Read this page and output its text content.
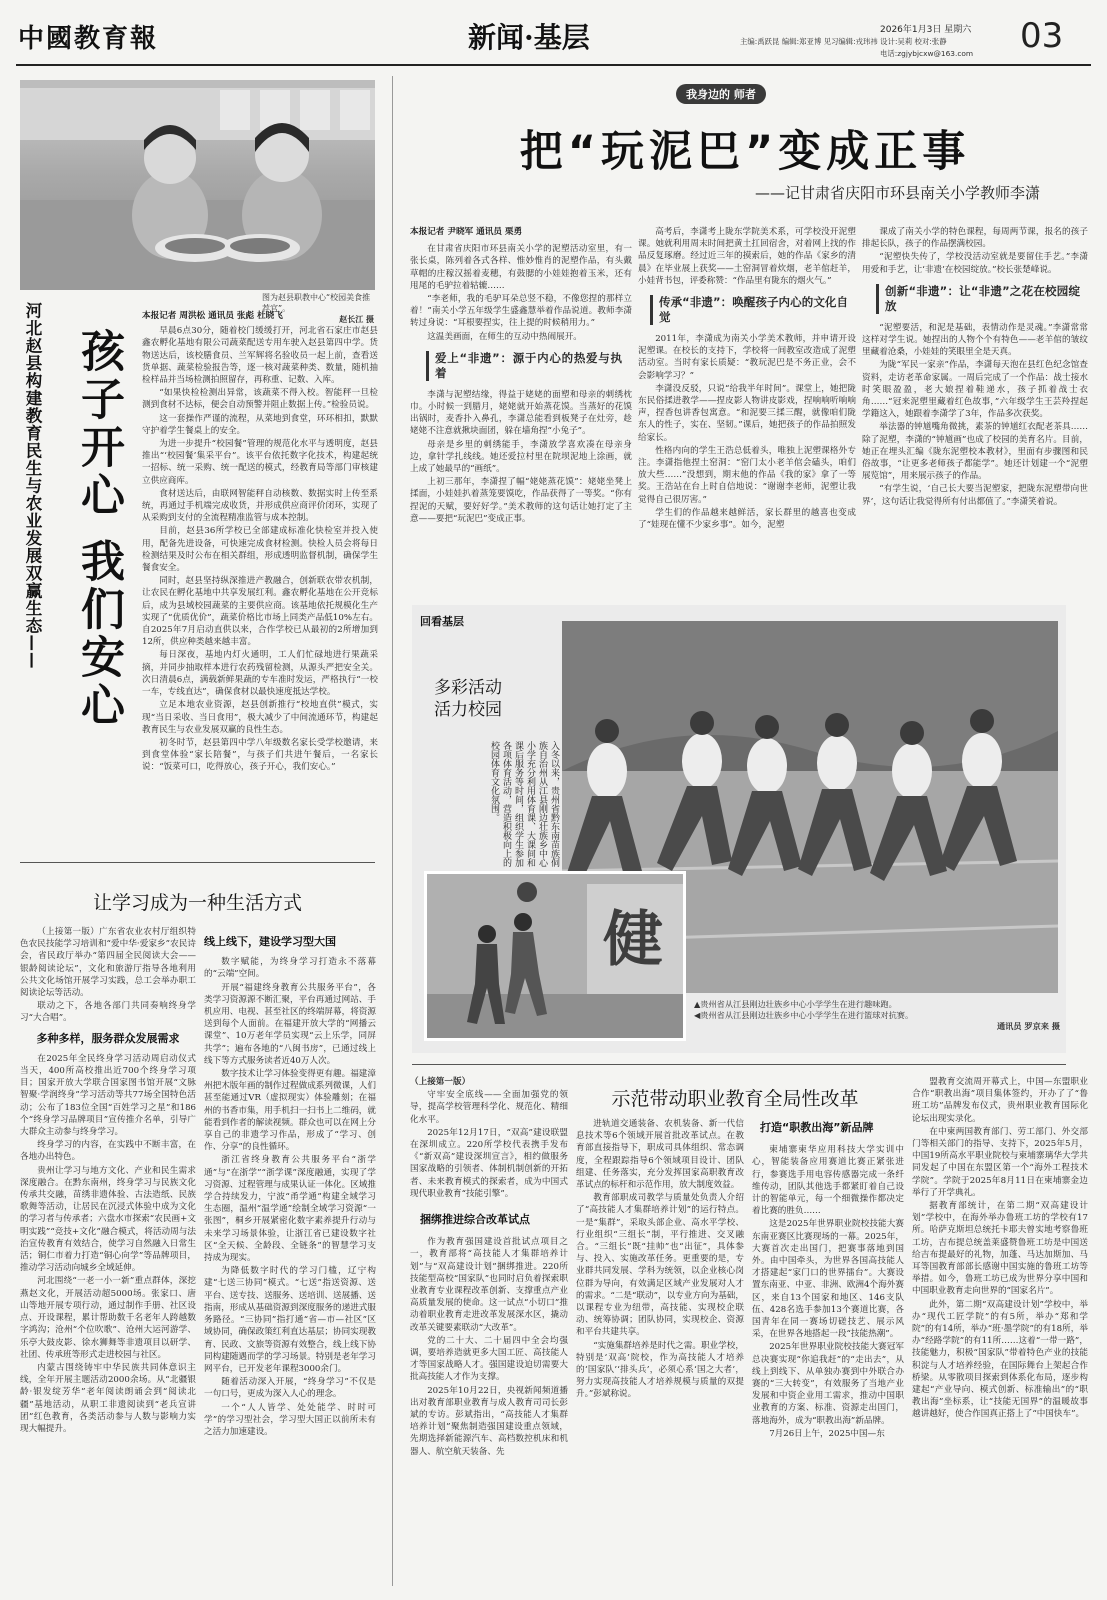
中國教育報	新闻·基层	2026年1月3日 星期六
主编:禹跃昆 编辑:郑亚博 见习编辑:戎玮祎 设计:吴莉 校对:张静
电话:zgjybjcxw@163.com 03
图为赵县职教中心“校园美食推荐官”。

赵长江 摄
河北赵县构建教育民生与农业发展双赢生态—— 孩子开心
我们安心
本报记者 周洪松 通讯员 张彪 杜晓飞

早晨6点30分，随着校门缓缓打开，河北省石家庄市赵县鑫农孵化基地有限公司蔬菜配送专用车驶入赵县第四中学。货物送达后，该校膳食员、兰军辉将名验收员一起上前，查看送货单据、蔬菜检验报告等，逐一核对蔬菜种类、数量，随机抽检样品并当场检测拍照留存，再称重、记数、入库。

“如果快检检测出异常，该蔬菜不得入校。智能秤一旦检测到食材不达标，便会自动预警并阻止数据上传。”检验员说。

这一套操作严谨的流程，从菜地到食堂，环环相扣，默默守护着学生餐桌上的安全。

为进一步提升“校园餐”管理的规范化水平与透明度，赵县推出“‘校园餐’集采平台”。该平台依托数字化技术，构建起统一招标、统一采购、统一配送的模式，经教育局等部门审核建立供应商库。

食材送达后，由联网智能秤自动核数、数据实时上传至系统，再通过手机端完成收货，并形成供应商评价闭环，实现了从采购到支付的全流程精准监管与成本控制。

目前，赵县36所学校已全部建成标准化快检室并投入使用，配备先进设备，可快速完成食材检测。快检人员会将每日检测结果及时公布在相关群组，形成透明监督机制，确保学生餐食安全。

同时，赵县坚持纵深推进产教融合，创新联农带农机制，让农民在孵化基地中共享发展红利。鑫农孵化基地在公开竞标后，成为县域校园蔬菜的主要供应商。该基地依托规模化生产实现了“优质优价”，蔬菜价格比市场上同类产品低10%左右。自2025年7月启动直供以来，合作学校已从最初的2所增加到12所，供应种类越来越丰富。

每日深夜，基地内灯火通明，工人们忙碌地进行果蔬采摘，并同步抽取样本进行农药残留检测，从源头严把安全关。次日清晨6点，满载新鲜果蔬的专车准时发运，严格执行“一校一车，专线直达”，确保食材以最快速度抵达学校。

立足本地农业资源，赵县创新推行“校地直供”模式，实现“当日采收、当日食用”，极大减少了中间流通环节，构建起教育民生与农业发展双赢的良性生态。

初冬时节，赵县第四中学八年级数名家长受学校邀请，来到食堂体验“家长陪餐”，与孩子们共进午餐后，一名家长说：“饭菜可口，吃得放心，孩子开心，我们安心。”

让学习成为一种生活方式

（上接第一版）广东省农业农村厅组织特色农民技能学习培训和“爱中华·爱家乡”农民诗会，省民政厅举办“第四届全民阅读大会——银龄阅读论坛”，文化和旅游厅指导各地利用公共文化场馆开展学习实践，总工会举办职工阅读论坛等活动。

联动之下，各地各部门共同奏响终身学习“大合唱”。

多种多样，服务群众发展需求

在2025年全民终身学习活动周启动仪式当天，400所高校推出近700个终身学习项目；国家开放大学联合国家图书馆开展“文脉智聚·学润终身”学习活动等共77场全国特色活动；公布了183位全国“百姓学习之星”和186个“终身学习品牌项目”宣传推介名单，引导广大群众主动参与终身学习。

终身学习的内容，在实践中不断丰富，在各地办出特色。

贵州让学习与地方文化、产业和民生需求深度融合。在黔东南州，终身学习与民族文化传承共交融，苗绣非遗体验、古法造纸、民族歌舞等活动，让居民在沉浸式体验中成为文化的学习者与传承者；六盘水市探索“农民画+文明实践”“竞技+文化”融合模式，将活动周与法治宣传教育有效结合，使学习自然融入日常生活；铜仁市着力打造“铜心向学”等品牌项目，推动学习活动向城乡全域延伸。

河北围绕“一老一小一新”重点群体，深挖燕赵文化，开展活动超5000场。张家口、唐山等地开展专项行动，通过制作手册、社区设点、开设课程，累计帮助数千名老年人跨越数字鸿沟；沧州“个位吹歌”、沧州大运河游学、乐亭大鼓皮影、徐水狮舞等非遗项目以研学、社团、传承班等形式走进校园与社区。

内蒙古围绕铸牢中华民族共同体意识主线，全年开展主题活动2000余场。从“北疆银龄·银发绽芳华”老年阅读朗诵会到“阅读北疆”基地活动，从职工非遗阅读到“老兵宣讲团”红色教育，各类活动参与人数与影响力实现大幅提升。

线上线下，建设学习型大国

数字赋能，为终身学习打造永不落幕的“云端”空间。

开展“福建终身教育公共服务平台”，各类学习资源源不断汇聚，平台再通过网站、手机应用、电视、甚至社区的终端屏幕，将资源送到每个人面前。在福建开放大学的“网播云课堂”、10万老年学员实现“云上乐学，同屏共学”；遍布各地的“八闽书房”，已通过线上线下等方式服务读者近40万人次。

数字技术让学习体验变得更有趣。福建漳州把木版年画的制作过程做成系列微课，人们甚至能通过VR（虚拟现实）体验雕刻；在福州的书香市集，用手机扫一扫书上二维码，就能看到作者的解读视频。群众也可以在网上分享自己的非遗学习作品，形成了“学习、创作、分享”的良性循环。

浙江省终身教育公共服务平台“浙学通”与“在浙学”“浙学课”深度融通，实现了学习资源、过程管理与成果认证一体化。区域推学合持续发力，宁波“甬学通”构建全域学习生态圈，温州“温学通”绘制全域学习资源“一张图”，桐乡开展紧密化数字素养提升行动与未来学习场景体验，让浙江省已建设数字社区“全天候、全龄段、全链条”的智慧学习支持成为现实。

为降低数字时代的学习门槛，辽宁构建“七送三协同”模式。“七送”指送资源、送平台、送专技、送服务、送培训、送展播、送指南，形成从基础资源到深度服务的递进式服务路径。“三协同”指打通“省—市—社区”区域协同，确保政策红利直达基层；协同实现教育、民政、文旅等资源有效整合，线上线下协同构建随遇而学的学习场景。特别是老年学习网平台，已开发老年课程3000余门。

随着活动深入开展，“终身学习”不仅是一句口号，更成为深入人心的理念。

一个“人人皆学、处处能学、时时可学”的学习型社会，学习型大国正以前所未有之活力加速建设。

我身边的 师者
把“玩泥巴”变成正事
——记甘肃省庆阳市环县南关小学教师李潇
本报记者 尹晓军 通讯员 栗勇

在甘肃省庆阳市环县南关小学的泥塑活动室里，有一张长桌，陈列着各式各样、惟妙惟肖的泥塑作品，有头戴草帽的庄稼汉摇着麦穗，有鼓腮的小娃娃抱着玉米，还有甩尾的毛驴拉着轱辘……

“李老师，我的毛驴耳朵总竖不稳，不像您捏的那样立着！”南关小学五年级学生盛鑫慧举着作品说道。教师李潇转过身说：“耳根要捏实，往上提的时候稍用力。”

这温美画面，在师生的互动中热闹展开。

爱上“非遗”：源于内心的热爱与执着

李潇与泥塑结缘，得益于姥姥的面塑和母亲的刺绣枕巾。小时候一到腊月，姥姥就开始蒸花馍。当蒸好的花馍出锅时，麦香扑入鼻孔，李潇总能看到板凳子在灶旁，趁姥姥不注意就揪块面团，躲在墙角捏“小兔子”。

母亲是乡里的刺绣能手，李潇放学喜欢凑在母亲身边，拿针学扎线线。她还爱拉村里在院坝泥地上涂画，就上成了她最早的“画纸”。

上初三那年，李潇捏了幅“姥姥蒸花馍”：姥姥坐凳上揉面，小娃娃扒着蒸笼要馍吃，作品获得了一等奖。“你有捏泥的天赋，要好好学。”美术教师的这句话让她打定了主意——要把“玩泥巴”变成正事。

高考后，李潇考上陇东学院美术系，可学校没开泥塑课。她就利用周末时间把黄土扛回宿舍，对着网上找的作品反复琢磨。经过近三年的摸索后，她的作品《家乡的清晨》在毕业展上获奖——土窑洞冒着炊烟，老羊倌赶羊，小娃背书包，评委称赞：“作品里有陇东的烟火气。”

传承“非遗”：唤醒孩子内心的文化自觉

2011年，李潇成为南关小学美术教师，并申请开设泥塑课。在校长的支持下，学校将一间教室改造成了泥塑活动室。当时有家长质疑：“教玩泥巴是不务正业，会不会影响学习？”

李潇没反驳，只说“给我半年时间”。课堂上，她把陇东民俗揉进教学——捏皮影人物讲皮影戏，捏响响听响响声，捏香包讲香包寓意。“和泥要三揉三醒，就像咱们陇东人的性子，实在、坚韧。”课后，她把孩子的作品拍照发给家长。

性格内向的学生王浩总低着头，唯独上泥塑课格外专注。李潇指他捏土窑洞：“窑门太小老羊倌会磕头，咱们放大些……”没想到，期末他的作品《我的家》拿了一等奖。王浩站在台上时自信地说：“谢谢李老师，泥塑让我觉得自己很厉害。”

学生们的作品越来越鲜活，家长群里的越喜也变成了“娃现在懂不少家乡事”。如今，泥塑

课成了南关小学的特色课程，每周两节课，报名的孩子排起长队，孩子的作品摆满校园。

“泥塑快失传了，学校没活动室就是要留住手艺。”李潇用爱和手艺，让‘非遗’在校园绽放。”校长张楚峰说。

创新“非遗”：让“非遗”之花在校园绽放

“泥塑要活，和泥是基础，表情动作是灵魂。”李潇常常这样对学生说。她捏出的人物个个有特色——老羊倌的皱纹里藏着沧桑，小娃娃的笑眼里全是天真。

为陇“军民一家亲”作品，李潇每天泡在县红色纪念馆查资料，走访老革命家属。一周后完成了一个作品：战士接水时笑眼盈盈，老大娘捏着鞋递水，孩子抓着战士衣角……“冠来泥塑里藏着红色故事，”六年级学生王芸羚捏起学籍这入，她跟着李潇学了3年，作品多次获奖。

举法器的钟馗嘴角微挑，素茶的钟馗红衣配老茶具……除了泥塑，李潇的“钟馗画”也成了校园的美育名片。目前，她正在埋头汇编《陇东泥塑校本教材》，里面有步骤图和民俗故事，“让更多老师孩子都能学”。她还计划建一个“泥塑展览馆”，用来展示孩子的作品。

“有学生说，‘自己长大要当泥塑家，把陇东泥塑带向世界’，这句话让我觉得所有付出都值了。”李潇笑着说。

回看基层
多彩活动
活力校园
入冬以来，贵州省黔东南苗族侗族自治州从江县刚边壮族乡中心小学充分利用体育课、大课间和课后服务等时间，组织学生参加各项体育活动，营造积极向上的校园体育文化氛围。
健
▲贵州省从江县刚边壮族乡中心小学学生在进行趣味跑。
◀贵州省从江县刚边壮族乡中心小学学生在进行篮球对抗赛。
通讯员 罗京来 摄
示范带动职业教育全局性改革

（上接第一版）

守牢安全底线——全面加强党的领导，提高学校管理科学化、规范化、精细化水平。

2025年12月17日，“双高”建设联盟在深圳成立。220所学校代表携手发布《“新双高”建设深圳宣言》，相约做服务国家战略的引领者、体制机制创新的开拓者、未来教育模式的探索者，成为中国式现代职业教育“技能引擎”。

捆绑推进综合改革试点

作为教育强国建设首批试点项目之一，教育部将“高技能人才集群培养计划”与“双高建设计划”捆绑推进。220所技能型高校“国家队”也同时启负着探索职业教育专业课程改革创新、支撑重点产业高质量发展的使命。这一试点“小切口”推动着职业教育走进改革发展深水区，撬动改革关键要素联动“大改革”。

党的二十大、二十届四中全会均强调，要培养造就更多大国工匠、高技能人才等国家战略人才。强国建设迫切需要大批高技能人才作为支撑。

2025年10月22日，央视新闻频道播出对教育部职业教育与成人教育司司长彭斌的专访。彭斌指出，“高技能人才集群培养计划”聚焦制造强国建设重点领域，先期选择新能源汽车、高档数控机床和机器人、航空航天装备、先

进轨道交通装备、农机装备、新一代信息技术等6个领域开展首批改革试点。在教育部直接指导下，职成司具体组织、常态调度，全程跟踪指导6个领域项目设计、团队组建、任务落实，充分发挥国家高职教育改革试点的标杆和示范作用，放大制度效益。

教育部职成司教学与质量处负责人介绍了“高技能人才集群培养计划”的运行特点。一是“集群”，采取头部企业、高水平学校、行业组织“三组长”制，平行推进、交叉融合。“三组长”既“挂帅”也“出征”，具体参与、投入、实施改革任务。更重要的是，专业群共同发展、学科为统领，以企业核心岗位群为导向，有效满足区域产业发展对人才的需求。“二是“联动”，以专业方向为基础，以课程专业为纽带，高技能、实现校企联动、统筹协调；团队协同，实现校企、资源和平台共建共享。

“实施集群培养是时代之需。职业学校，特别是‘双高’院校，作为高技能人才培养的‘国家队’‘排头兵’，必须心系‘国之大者’，努力实现高技能人才培养规模与质量的双提升。”彭斌称说。

打造“职教出海”新品牌

柬埔寨柬华应用科技大学实训中心，智能装备应用赛道比赛正紧张进行，参赛选手用电容传感器完成一条纤维传动，团队其他选手都紧盯着自己设计的智能单元，每一个细微操作都决定着比赛的胜负……

这是2025年世界职业院校技能大赛东南亚赛区比赛现场的一幕。2025年，大赛首次走出国门，把赛事落地到国外。由中国牵头，为世界各国高技能人才搭建起“家门口的世界擂台”。大赛设置东南亚、中亚、非洲、欧洲4个海外赛区，来自13个国家和地区、146支队伍、428名选手参加13个赛道比赛，各国青年在同一赛场切磋技艺、展示风采，在世界各地搭起一段“技能热潮”。

2025年世界职业院校技能大赛冠军总决赛实现“你追我赶”的“走出去”，从线上到线下、从单独办赛到中外联合办赛的“三大转变”，有效服务了当地产业发展和中资企业用工需求，推动中国职业教育的方案、标准、资源走出国门，落地海外，成为“职教出海”新品牌。

7月26日上午，2025中国—东

盟教育交流周开幕式上，中国—东盟职业合作“职教出海”项目集体签约，开办了了“鲁班工坊”品牌发布仪式，贵州职业教育国际化论坛出现实录化。

在中柬两国教育部门、劳工部门、外交部门等相关部门的指导、支持下，2025年5月，中国19所高水平职业院校与柬埔寨璃华大学共同发起了中国在东盟区第一个“海外工程技术学院”。学院于2025年8月11日在柬埔寨金边举行了开学典礼。

据教育部统计，在第二期“双高建设计划”学校中，在海外举办鲁班工坊的学校有17所。哈萨克斯坦总统托卡耶夫曾实地考察鲁班工坊，吉布提总统盖莱盛赞鲁班工坊是中国送给吉布提最好的礼物，加蓬、马达加斯加、马耳等国教育部部长感谢中国实施的鲁班工坊等举措。如今，鲁班工坊已成为世界分享中国和中国职业教育走向世界的“国家名片”。

此外，第二期“双高建设计划”学校中，举办“现代工匠学院”的有5所，举办“郑和学院”的有14所，举办“班·墨学院”的有18所，举办“经路学院”的有11所……这着“一带一路”，技能魅力，积极“国家队”带着特色产业的技能积淀与人才培养经验，在国际舞台上架起合作桥梁。从零散项目探索到体系化布局，逐步构建起“产业导向、模式创新、标准输出”的“职教出海”坐标系，让“技能无国界”的温暖故事越讲越好，使合作国真正搭上了“中国快车”。
